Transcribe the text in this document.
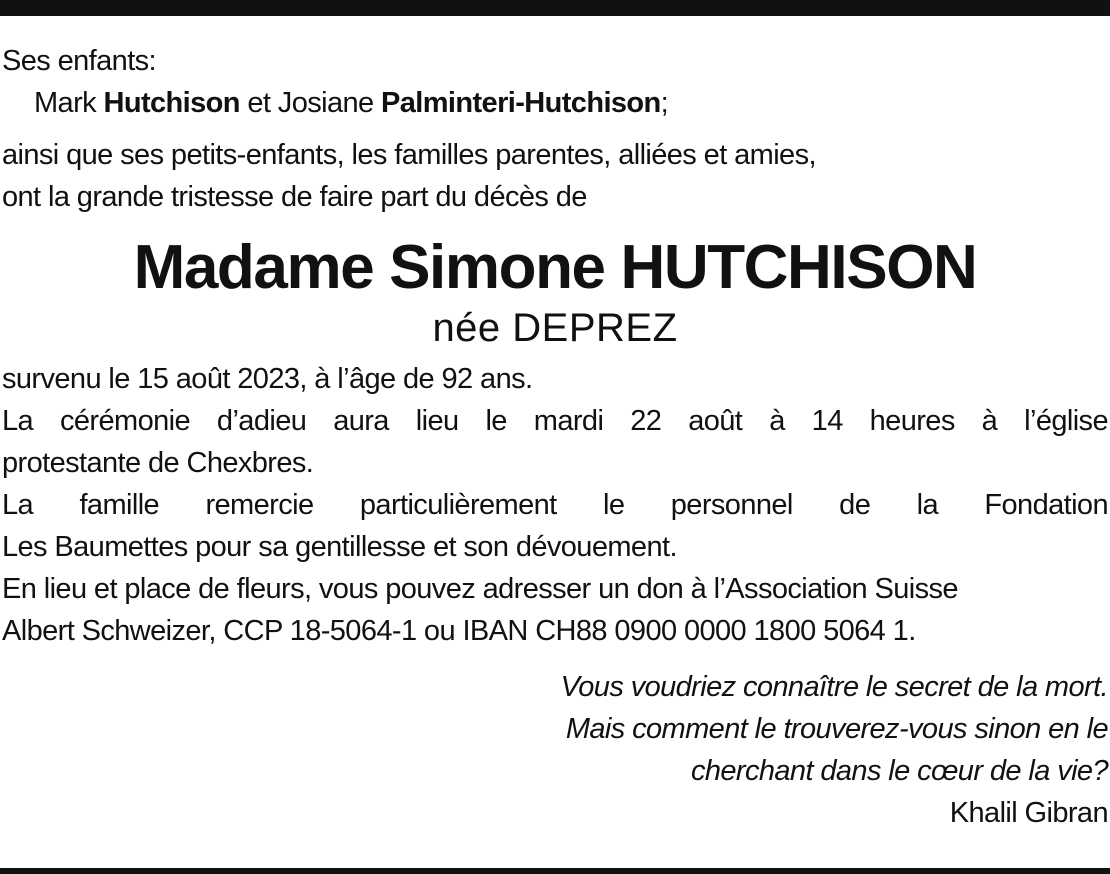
Ses enfants:

Mark Hutchison et Josiane Palminteri-Hutchison;

ainsi que ses petits-enfants, les familles parentes, alliées et amies,

ont la grande tristesse de faire part du décès de

Madame Simone HUTCHISON
née DEPREZ

survenu le 15 août 2023, à l’âge de 92 ans.

La cérémonie d’adieu aura lieu le mardi 22 août à 14 heures à l’église

protestante de Chexbres.

La famille remercie particulièrement le personnel de la Fondation

Les Baumettes pour sa gentillesse et son dévouement.

En lieu et place de fleurs, vous pouvez adresser un don à l’Association Suisse

Albert Schweizer, CCP 18-5064-1 ou IBAN CH88 0900 0000 1800 5064 1.

Vous voudriez connaître le secret de la mort.

Mais comment le trouverez-vous sinon en le

cherchant dans le cœur de la vie?

Khalil Gibran
